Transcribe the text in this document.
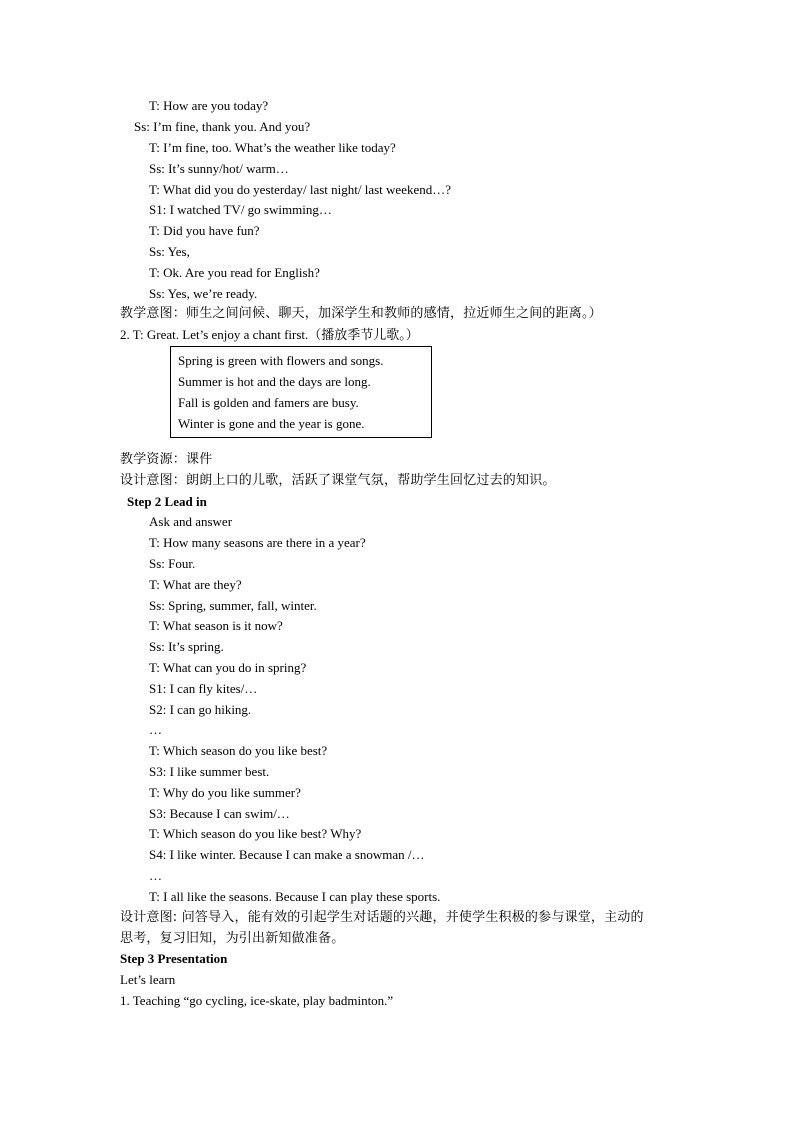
T: How are you today?
Ss: I’m fine, thank you. And you?
T: I’m fine, too. What’s the weather like today?
Ss: It’s sunny/hot/ warm…
T: What did you do yesterday/ last night/ last weekend…?
S1: I watched TV/ go swimming…
T: Did you have fun?
Ss: Yes,
T: Ok. Are you read for English?
Ss: Yes, we’re ready.
教学意图：师生之间问候、聊天，加深学生和教师的感情，拉近师生之间的距离。）
2. T: Great. Let’s enjoy a chant first.（播放季节儿歌。）
Spring is green with flowers and songs.
Summer is hot and the days are long.
Fall is golden and famers are busy.
Winter is gone and the year is gone.
教学资源：课件
设计意图：朗朗上口的儿歌，活跃了课堂气氛，帮助学生回忆过去的知识。
Step 2 Lead in
Ask and answer
T: How many seasons are there in a year?
Ss: Four.
T: What are they?
Ss: Spring, summer, fall, winter.
T: What season is it now?
Ss: It’s spring.
T: What can you do in spring?
S1: I can fly kites/…
S2: I can go hiking.
…
T: Which season do you like best?
S3: I like summer best.
T: Why do you like summer?
S3: Because I can swim/…
T: Which season do you like best? Why?
S4: I like winter. Because I can make a snowman /…
…
T: I all like the seasons. Because I can play these sports.
设计意图: 问答导入，能有效的引起学生对话题的兴趣，并使学生积极的参与课堂，主动的
思考，复习旧知，为引出新知做准备。
Step 3 Presentation
Let’s learn
1. Teaching “go cycling, ice-skate, play badminton.”
